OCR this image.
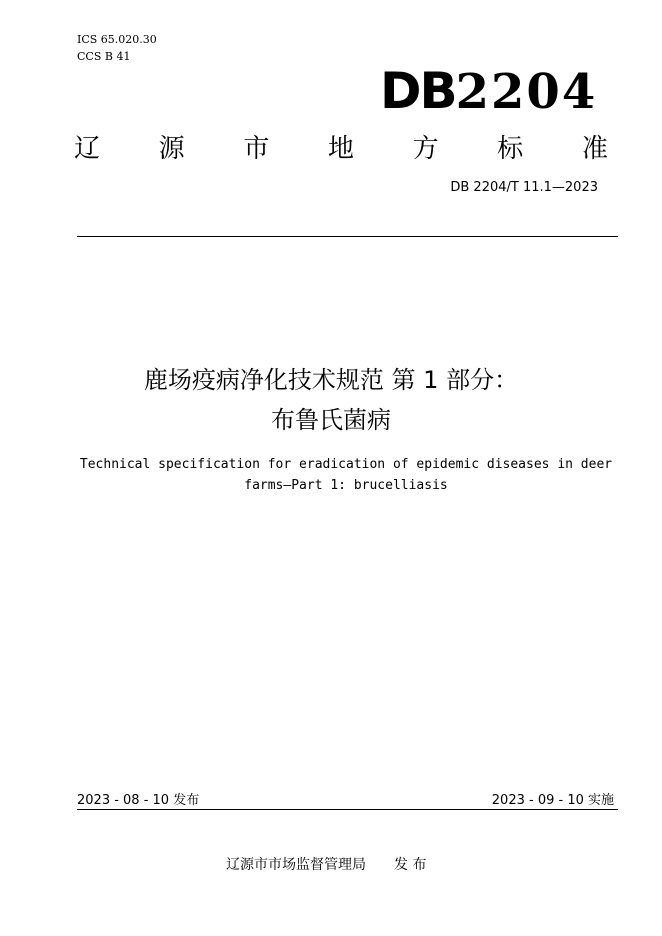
ICS 65.020.30
CCS B 41
DB2204
辽 源 市 地 方 标 准
DB 2204/T 11.1—2023
鹿场疫病净化技术规范 第 1 部分：
布鲁氏菌病
Technical specification for eradication of epidemic diseases in deer
farms—Part 1: brucelliasis
2023 - 08 - 10 发布	2023 - 09 - 10 实施
辽源市市场监督管理局 发 布
